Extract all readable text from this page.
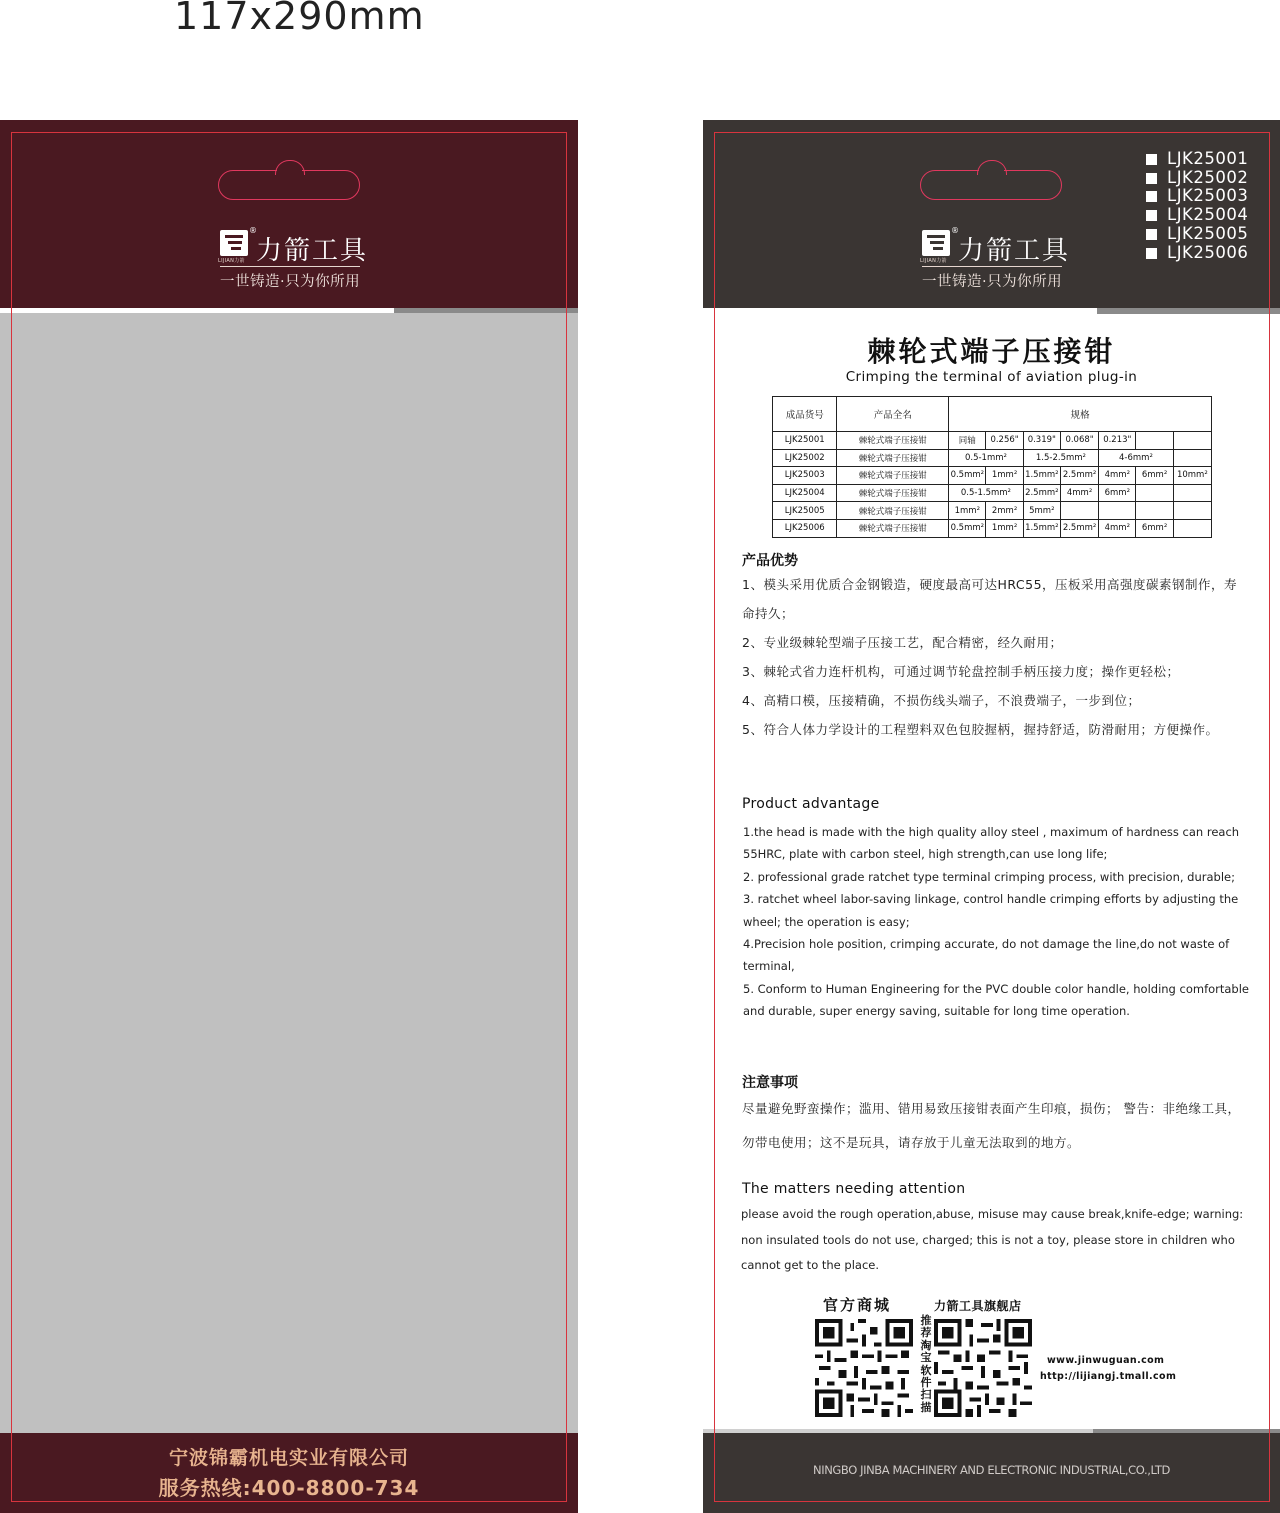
117x290mm
LIJIAN力箭
®
力箭工具
一世铸造·只为你所用
宁波锦霸机电实业有限公司
服务热线:400-8800-734
LIJIAN力箭
®
力箭工具
一世铸造·只为你所用
LJK25001
LJK25002
LJK25003
LJK25004
LJK25005
LJK25006
棘轮式端子压接钳
Crimping the terminal of aviation plug-in
成品货号	产品全名	规格						
LJK25001	棘轮式端子压接钳	同轴	0.256"	0.319"	0.068"	0.213"		
LJK25002	棘轮式端子压接钳	0.5-1mm²		1.5-2.5mm²		4-6mm²		
LJK25003	棘轮式端子压接钳	0.5mm²	1mm²	1.5mm²	2.5mm²	4mm²	6mm²	10mm²
LJK25004	棘轮式端子压接钳	0.5-1.5mm²		2.5mm²	4mm²	6mm²		
LJK25005	棘轮式端子压接钳	1mm²	2mm²	5mm²				
LJK25006	棘轮式端子压接钳	0.5mm²	1mm²	1.5mm²	2.5mm²	4mm²	6mm²	
产品优势
1、模头采用优质合金钢锻造，硬度最高可达HRC55，压板采用高强度碳素钢制作，寿命持久；
2、专业级棘轮型端子压接工艺，配合精密，经久耐用；
3、棘轮式省力连杆机构，可通过调节轮盘控制手柄压接力度；操作更轻松；
4、高精口模，压接精确，不损伤线头端子，不浪费端子，一步到位；
5、符合人体力学设计的工程塑料双色包胶握柄，握持舒适，防滑耐用；方便操作。
Product advantage
1.the head is made with the high quality alloy steel , maximum of hardness can reach 55HRC, plate with carbon steel, high strength,can use long life;
2. professional grade ratchet type terminal crimping process, with precision, durable;
3. ratchet wheel labor-saving linkage, control handle crimping efforts by adjusting the wheel; the operation is easy;
4.Precision hole position, crimping accurate, do not damage the line,do not waste of terminal,
5. Conform to Human Engineering for the PVC double color handle, holding comfortable and durable, super energy saving, suitable for long time operation.
注意事项
尽量避免野蛮操作；滥用、错用易致压接钳表面产生印痕，损伤； 警告：非绝缘工具，勿带电使用；这不是玩具，请存放于儿童无法取到的地方。
The matters needing attention
please avoid the rough operation,abuse, misuse may cause break,knife-edge; warning: non insulated tools do not use, charged; this is not a toy, please store in children who cannot get to the place.
官方商城	力箭工具旗舰店
推荐淘宝软件扫描
www.jinwuguan.com
http://lijiangj.tmall.com
NINGBO JINBA MACHINERY AND ELECTRONIC INDUSTRIAL,CO.,LTD
